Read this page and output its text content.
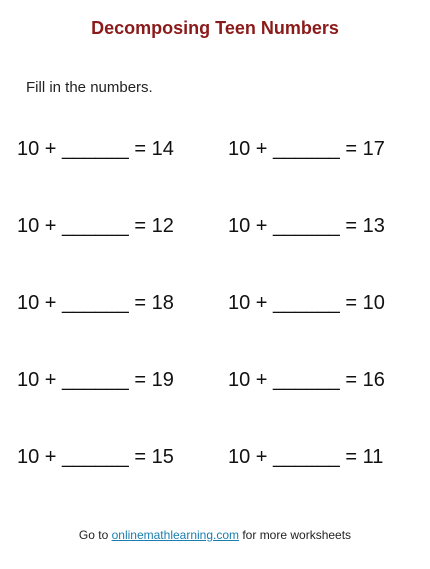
Decomposing Teen Numbers
Fill in the numbers.
10 + ______ = 14	10 + ______ = 17
10 + ______ = 12	10 + ______ = 13
10 + ______ = 18	10 + ______ = 10
10 + ______ = 19	10 + ______ = 16
10 + ______ = 15	10 + ______ = 11
Go to onlinemathlearning.com for more worksheets
